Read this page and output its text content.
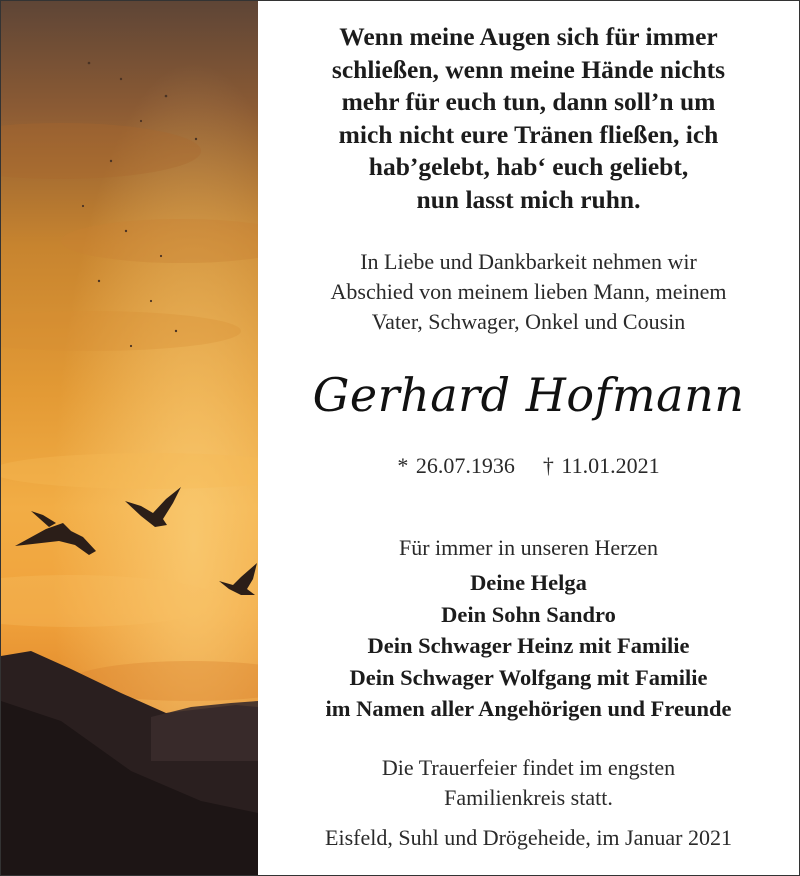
Wenn meine Augen sich für immer
schließen, wenn meine Hände nichts
mehr für euch tun, dann soll’n um
mich nicht eure Tränen fließen, ich
hab’gelebt, hab‘ euch geliebt,
nun lasst mich ruhn.
In Liebe und Dankbarkeit nehmen wir
Abschied von meinem lieben Mann, meinem
Vater, Schwager, Onkel und Cousin
Gerhard Hofmann
* 26.07.1936 † 11.01.2021
Für immer in unseren Herzen
Deine Helga
Dein Sohn Sandro
Dein Schwager Heinz mit Familie
Dein Schwager Wolfgang mit Familie
im Namen aller Angehörigen und Freunde
Die Trauerfeier findet im engsten
Familienkreis statt.
Eisfeld, Suhl und Drögeheide, im Januar 2021
